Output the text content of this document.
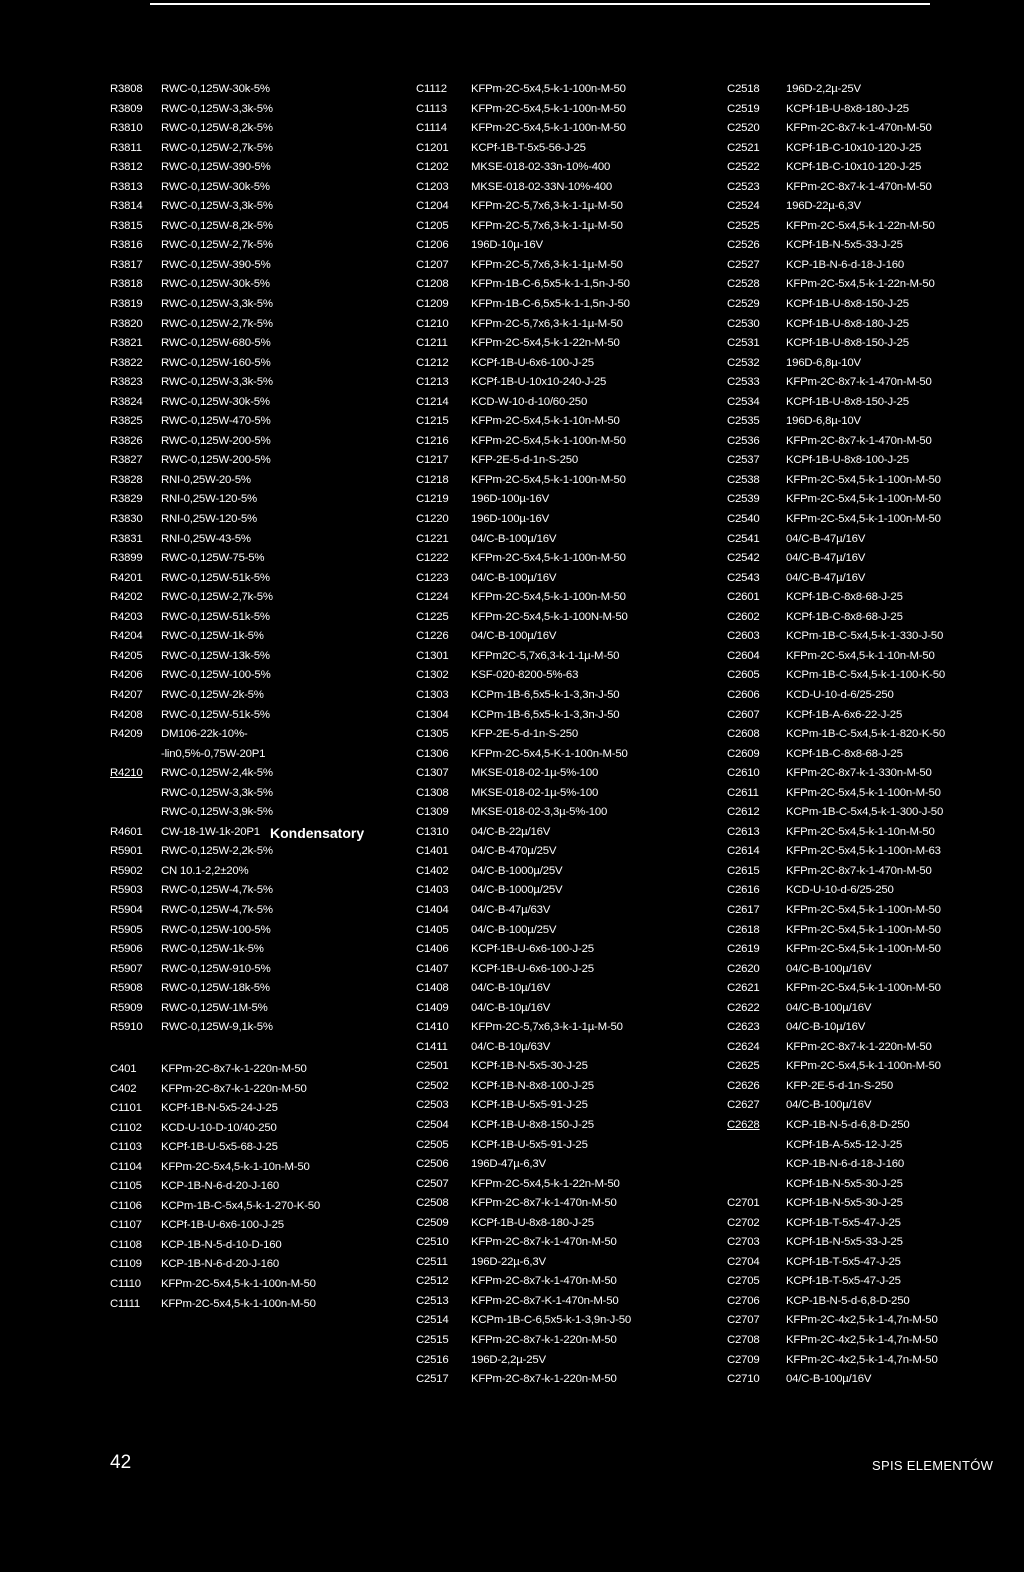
R3808 RWC-0,125W-30k-5%
R3809 RWC-0,125W-3,3k-5%
R3810 RWC-0,125W-8,2k-5%
R3811 RWC-0,125W-2,7k-5%
R3812 RWC-0,125W-390-5%
R3813 RWC-0,125W-30k-5%
R3814 RWC-0,125W-3,3k-5%
R3815 RWC-0,125W-8,2k-5%
R3816 RWC-0,125W-2,7k-5%
R3817 RWC-0,125W-390-5%
R3818 RWC-0,125W-30k-5%
R3819 RWC-0,125W-3,3k-5%
R3820 RWC-0,125W-2,7k-5%
R3821 RWC-0,125W-680-5%
R3822 RWC-0,125W-160-5%
R3823 RWC-0,125W-3,3k-5%
R3824 RWC-0,125W-30k-5%
R3825 RWC-0,125W-470-5%
R3826 RWC-0,125W-200-5%
R3827 RWC-0,125W-200-5%
R3828 RNI-0,25W-20-5%
R3829 RNI-0,25W-120-5%
R3830 RNI-0,25W-120-5%
R3831 RNI-0,25W-43-5%
R3899 RWC-0,125W-75-5%
R4201 RWC-0,125W-51k-5%
R4202 RWC-0,125W-2,7k-5%
R4203 RWC-0,125W-51k-5%
R4204 RWC-0,125W-1k-5%
R4205 RWC-0,125W-13k-5%
R4206 RWC-0,125W-100-5%
R4207 RWC-0,125W-2k-5%
R4208 RWC-0,125W-51k-5%
R4209 DM106-22k-10%-
-lin0,5%-0,75W-20P1
R4210 RWC-0,125W-2,4k-5%
RWC-0,125W-3,3k-5%
RWC-0,125W-3,9k-5%
R4601 CW-18-1W-1k-20P1
R5901 RWC-0,125W-2,2k-5%
R5902 CN 10.1-2,2±20%
R5903 RWC-0,125W-4,7k-5%
R5904 RWC-0,125W-4,7k-5%
R5905 RWC-0,125W-100-5%
R5906 RWC-0,125W-1k-5%
R5907 RWC-0,125W-910-5%
R5908 RWC-0,125W-18k-5%
R5909 RWC-0,125W-1M-5%
R5910 RWC-0,125W-9,1k-5%
C1112 KFPm-2C-5x4,5-k-1-100n-M-50
C1113 KFPm-2C-5x4,5-k-1-100n-M-50
C1114 KFPm-2C-5x4,5-k-1-100n-M-50
C1201 KCPf-1B-T-5x5-56-J-25
C1202 MKSE-018-02-33n-10%-400
C1203 MKSE-018-02-33N-10%-400
C1204 KFPm-2C-5,7x6,3-k-1-1µ-M-50
C1205 KFPm-2C-5,7x6,3-k-1-1µ-M-50
C1206 196D-10µ-16V
C1207 KFPm-2C-5,7x6,3-k-1-1µ-M-50
C1208 KFPm-1B-C-6,5x5-k-1-1,5n-J-50
C1209 KFPm-1B-C-6,5x5-k-1-1,5n-J-50
C1210 KFPm-2C-5,7x6,3-k-1-1µ-M-50
C1211 KFPm-2C-5x4,5-k-1-22n-M-50
C1212 KCPf-1B-U-6x6-100-J-25
C1213 KCPf-1B-U-10x10-240-J-25
C1214 KCD-W-10-d-10/60-250
C1215 KFPm-2C-5x4,5-k-1-10n-M-50
C1216 KFPm-2C-5x4,5-k-1-100n-M-50
C1217 KFP-2E-5-d-1n-S-250
C1218 KFPm-2C-5x4,5-k-1-100n-M-50
C1219 196D-100µ-16V
C1220 196D-100µ-16V
C1221 04/C-B-100µ/16V
C1222 KFPm-2C-5x4,5-k-1-100n-M-50
C1223 04/C-B-100µ/16V
C1224 KFPm-2C-5x4,5-k-1-100n-M-50
C1225 KFPm-2C-5x4,5-k-1-100N-M-50
C1226 04/C-B-100µ/16V
C1301 KFPm2C-5,7x6,3-k-1-1µ-M-50
C1302 KSF-020-8200-5%-63
C1303 KCPm-1B-6,5x5-k-1-3,3n-J-50
C1304 KCPm-1B-6,5x5-k-1-3,3n-J-50
C1305 KFP-2E-5-d-1n-S-250
C1306 KFPm-2C-5x4,5-K-1-100n-M-50
C1307 MKSE-018-02-1µ-5%-100
C1308 MKSE-018-02-1µ-5%-100
C1309 MKSE-018-02-3,3µ-5%-100
C1310 04/C-B-22µ/16V
C1401 04/C-B-470µ/25V
C1402 04/C-B-1000µ/25V
C1403 04/C-B-1000µ/25V
C1404 04/C-B-47µ/63V
C1405 04/C-B-100µ/25V
C1406 KCPf-1B-U-6x6-100-J-25
C1407 KCPf-1B-U-6x6-100-J-25
C1408 04/C-B-10µ/16V
C1409 04/C-B-10µ/16V
C1410 KFPm-2C-5,7x6,3-k-1-1µ-M-50
C1411 04/C-B-10µ/63V
C2501 KCPf-1B-N-5x5-30-J-25
C2502 KCPf-1B-N-8x8-100-J-25
C2503 KCPf-1B-U-5x5-91-J-25
C2504 KCPf-1B-U-8x8-150-J-25
C2505 KCPf-1B-U-5x5-91-J-25
C2506 196D-47µ-6,3V
C2507 KFPm-2C-5x4,5-k-1-22n-M-50
C2508 KFPm-2C-8x7-k-1-470n-M-50
C2509 KCPf-1B-U-8x8-180-J-25
C2510 KFPm-2C-8x7-k-1-470n-M-50
C2511 196D-22µ-6,3V
C2512 KFPm-2C-8x7-k-1-470n-M-50
C2513 KFPm-2C-8x7-K-1-470n-M-50
C2514 KCPm-1B-C-6,5x5-k-1-3,9n-J-50
C2515 KFPm-2C-8x7-k-1-220n-M-50
C2516 196D-2,2µ-25V
C2517 KFPm-2C-8x7-k-1-220n-M-50
C2518 196D-2,2µ-25V
C2519 KCPf-1B-U-8x8-180-J-25
C2520 KFPm-2C-8x7-k-1-470n-M-50
C2521 KCPf-1B-C-10x10-120-J-25
C2522 KCPf-1B-C-10x10-120-J-25
C2523 KFPm-2C-8x7-k-1-470n-M-50
C2524 196D-22µ-6,3V
C2525 KFPm-2C-5x4,5-k-1-22n-M-50
C2526 KCPf-1B-N-5x5-33-J-25
C2527 KCP-1B-N-6-d-18-J-160
C2528 KFPm-2C-5x4,5-k-1-22n-M-50
C2529 KCPf-1B-U-8x8-150-J-25
C2530 KCPf-1B-U-8x8-180-J-25
C2531 KCPf-1B-U-8x8-150-J-25
C2532 196D-6,8µ-10V
C2533 KFPm-2C-8x7-k-1-470n-M-50
C2534 KCPf-1B-U-8x8-150-J-25
C2535 196D-6,8µ-10V
C2536 KFPm-2C-8x7-k-1-470n-M-50
C2537 KCPf-1B-U-8x8-100-J-25
C2538 KFPm-2C-5x4,5-k-1-100n-M-50
C2539 KFPm-2C-5x4,5-k-1-100n-M-50
C2540 KFPm-2C-5x4,5-k-1-100n-M-50
C2541 04/C-B-47µ/16V
C2542 04/C-B-47µ/16V
C2543 04/C-B-47µ/16V
C2601 KCPf-1B-C-8x8-68-J-25
C2602 KCPf-1B-C-8x8-68-J-25
C2603 KCPm-1B-C-5x4,5-k-1-330-J-50
C2604 KFPm-2C-5x4,5-k-1-10n-M-50
C2605 KCPm-1B-C-5x4,5-k-1-100-K-50
C2606 KCD-U-10-d-6/25-250
C2607 KCPf-1B-A-6x6-22-J-25
C2608 KCPm-1B-C-5x4,5-k-1-820-K-50
C2609 KCPf-1B-C-8x8-68-J-25
C2610 KFPm-2C-8x7-k-1-330n-M-50
C2611 KFPm-2C-5x4,5-k-1-100n-M-50
C2612 KCPm-1B-C-5x4,5-k-1-300-J-50
C2613 KFPm-2C-5x4,5-k-1-10n-M-50
C2614 KFPm-2C-5x4,5-k-1-100n-M-63
C2615 KFPm-2C-8x7-k-1-470n-M-50
C2616 KCD-U-10-d-6/25-250
C2617 KFPm-2C-5x4,5-k-1-100n-M-50
C2618 KFPm-2C-5x4,5-k-1-100n-M-50
C2619 KFPm-2C-5x4,5-k-1-100n-M-50
C2620 04/C-B-100µ/16V
C2621 KFPm-2C-5x4,5-k-1-100n-M-50
C2622 04/C-B-100µ/16V
C2623 04/C-B-10µ/16V
C2624 KFPm-2C-8x7-k-1-220n-M-50
C2625 KFPm-2C-5x4,5-k-1-100n-M-50
C2626 KFP-2E-5-d-1n-S-250
C2627 04/C-B-100µ/16V
C2628 KCP-1B-N-5-d-6,8-D-250
KCPf-1B-A-5x5-12-J-25
KCP-1B-N-6-d-18-J-160
KCPf-1B-N-5x5-30-J-25
C2701 KCPf-1B-N-5x5-30-J-25
C2702 KCPf-1B-T-5x5-47-J-25
C2703 KCPf-1B-N-5x5-33-J-25
C2704 KCPf-1B-T-5x5-47-J-25
C2705 KCPf-1B-T-5x5-47-J-25
C2706 KCP-1B-N-5-d-6,8-D-250
C2707 KFPm-2C-4x2,5-k-1-4,7n-M-50
C2708 KFPm-2C-4x2,5-k-1-4,7n-M-50
C2709 KFPm-2C-4x2,5-k-1-4,7n-M-50
C2710 04/C-B-100µ/16V
Kondensatory
C401 KFPm-2C-8x7-k-1-220n-M-50
C402 KFPm-2C-8x7-k-1-220n-M-50
C1101 KCPf-1B-N-5x5-24-J-25
C1102 KCD-U-10-D-10/40-250
C1103 KCPf-1B-U-5x5-68-J-25
C1104 KFPm-2C-5x4,5-k-1-10n-M-50
C1105 KCP-1B-N-6-d-20-J-160
C1106 KCPm-1B-C-5x4,5-k-1-270-K-50
C1107 KCPf-1B-U-6x6-100-J-25
C1108 KCP-1B-N-5-d-10-D-160
C1109 KCP-1B-N-6-d-20-J-160
C1110 KFPm-2C-5x4,5-k-1-100n-M-50
C1111 KFPm-2C-5x4,5-k-1-100n-M-50
42	SPIS ELEMENTÓW
